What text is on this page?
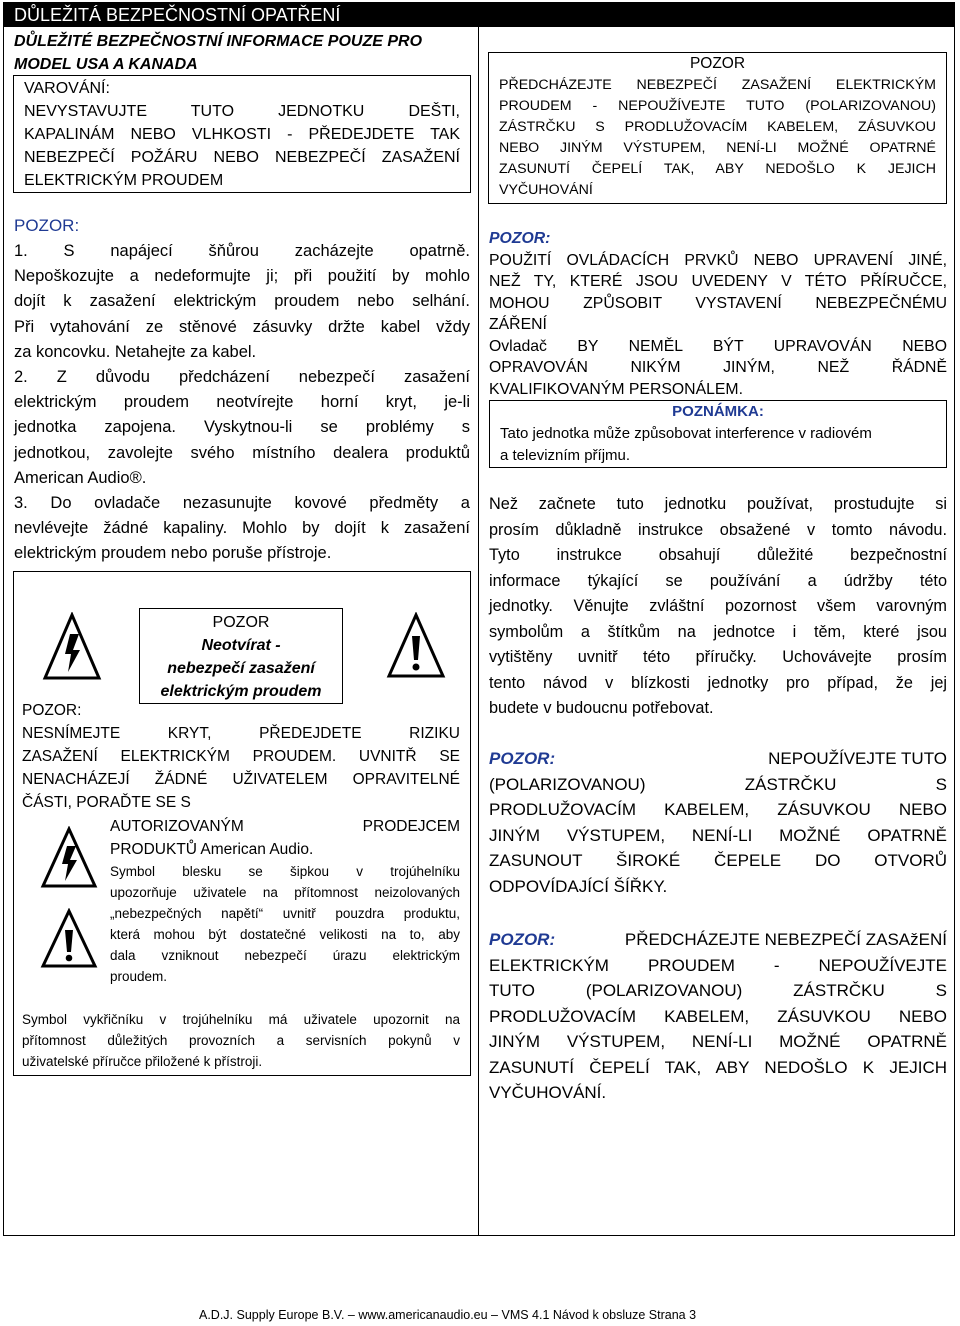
DŮLEŽITÁ BEZPEČNOSTNÍ OPATŘENÍ
DŮLEŽITÉ BEZPEČNOSTNÍ INFORMACE POUZE PRO
MODEL USA A KANADA
VAROVÁNÍ:
NEVYSTAVUJTE TUTO JEDNOTKU DEŠTI,
KAPALINÁM NEBO VLHKOSTI - PŘEDEJDETE TAK
NEBEZPEČÍ POŽÁRU NEBO NEBEZPEČÍ ZASAŽENÍ
ELEKTRICKÝM PROUDEM
POZOR:
1. S napájecí šňůrou zacházejte opatrně.
Nepoškozujte a nedeformujte ji; při použití by mohlo
dojít k zasažení elektrickým proudem nebo selhání.
Při vytahování ze stěnové zásuvky držte kabel vždy
za koncovku. Netahejte za kabel.
2. Z důvodu předcházení nebezpečí zasažení
elektrickým proudem neotvírejte horní kryt, je-li
jednotka zapojena. Vyskytnou-li se problémy s
jednotkou, zavolejte svého místního dealera produktů
American Audio®.
3. Do ovladače nezasunujte kovové předměty a
nevlévejte žádné kapaliny. Mohlo by dojít k zasažení
elektrickým proudem nebo poruše přístroje.
POZOR
Neotvírat -
nebezpečí zasažení
elektrickým proudem
POZOR:
NESNÍMEJTE KRYT, PŘEDEJDETE RIZIKU
ZASAŽENÍ ELEKTRICKÝM PROUDEM. UVNITŘ SE
NENACHÁZEJÍ ŽÁDNÉ UŽIVATELEM OPRAVITELNÉ
ČÁSTI, PORAĎTE SE S
AUTORIZOVANÝM PRODEJCEM
PRODUKTŮ American Audio.
Symbol blesku se šipkou v trojúhelníku
upozorňuje uživatele na přítomnost neizolovaných
„nebezpečných napětí“ uvnitř pouzdra produktu,
která mohou být dostatečné velikosti na to, aby
dala vzniknout nebezpečí úrazu elektrickým
proudem.
Symbol vykřičníku v trojúhelníku má uživatele upozornit na
přítomnost důležitých provozních a servisních pokynů v
uživatelské příručce přiložené k přístroji.
POZOR
PŘEDCHÁZEJTE NEBEZPEČÍ ZASAŽENÍ ELEKTRICKÝM
PROUDEM - NEPOUŽÍVEJTE TUTO (POLARIZOVANOU)
ZÁSTRČKU S PRODLUŽOVACÍM KABELEM, ZÁSUVKOU
NEBO JINÝM VÝSTUPEM, NENÍ-LI MOŽNÉ OPATRNÉ
ZASUNUTÍ ČEPELÍ TAK, ABY NEDOŠLO K JEJICH
VYČUHOVÁNÍ
POZOR:
POUŽITÍ OVLÁDACÍCH PRVKŮ NEBO UPRAVENÍ JINÉ,
NEŽ TY, KTERÉ JSOU UVEDENY V TÉTO PŘÍRUČCE,
MOHOU ZPŮSOBIT VYSTAVENÍ NEBEZPEČNÉMU
ZÁŘENÍ
Ovladač BY NEMĚL BÝT UPRAVOVÁN NEBO
OPRAVOVÁN NIKÝM JINÝM, NEŽ ŘÁDNĚ
KVALIFIKOVANÝM PERSONÁLEM.
POZNÁMKA:
Tato jednotka může způsobovat interference v radiovém
a televizním příjmu.
Než začnete tuto jednotku používat, prostudujte si
prosím důkladně instrukce obsažené v tomto návodu.
Tyto instrukce obsahují důležité bezpečnostní
informace týkající se používání a údržby této
jednotky. Věnujte zvláštní pozornost všem varovným
symbolům a štítkům na jednotce i těm, které jsou
vytištěny uvnitř této příručky. Uchovávejte prosím
tento návod v blízkosti jednotky pro případ, že jej
budete v budoucnu potřebovat.
POZOR:	NEPOUŽÍVEJTE TUTO
(POLARIZOVANOU) ZÁSTRČKU S
PRODLUŽOVACÍM KABELEM, ZÁSUVKOU NEBO
JINÝM VÝSTUPEM, NENÍ-LI MOŽNÉ OPATRNĚ
ZASUNOUT ŠIROKÉ ČEPELE DO OTVORŮ
ODPOVÍDAJÍCÍ ŠÍŘKY.
POZOR:	PŘEDCHÁZEJTE NEBEZPEČÍ ZASAžENÍ
ELEKTRICKÝM PROUDEM - NEPOUŽÍVEJTE
TUTO (POLARIZOVANOU) ZÁSTRČKU S
PRODLUŽOVACÍM KABELEM, ZÁSUVKOU NEBO
JINÝM VÝSTUPEM, NENÍ-LI MOŽNÉ OPATRNĚ
ZASUNUTÍ ČEPELÍ TAK, ABY NEDOŠLO K JEJICH
VYČUHOVÁNÍ.
A.D.J. Supply Europe B.V. – www.americanaudio.eu – VMS 4.1 Návod k obsluze Strana 3
